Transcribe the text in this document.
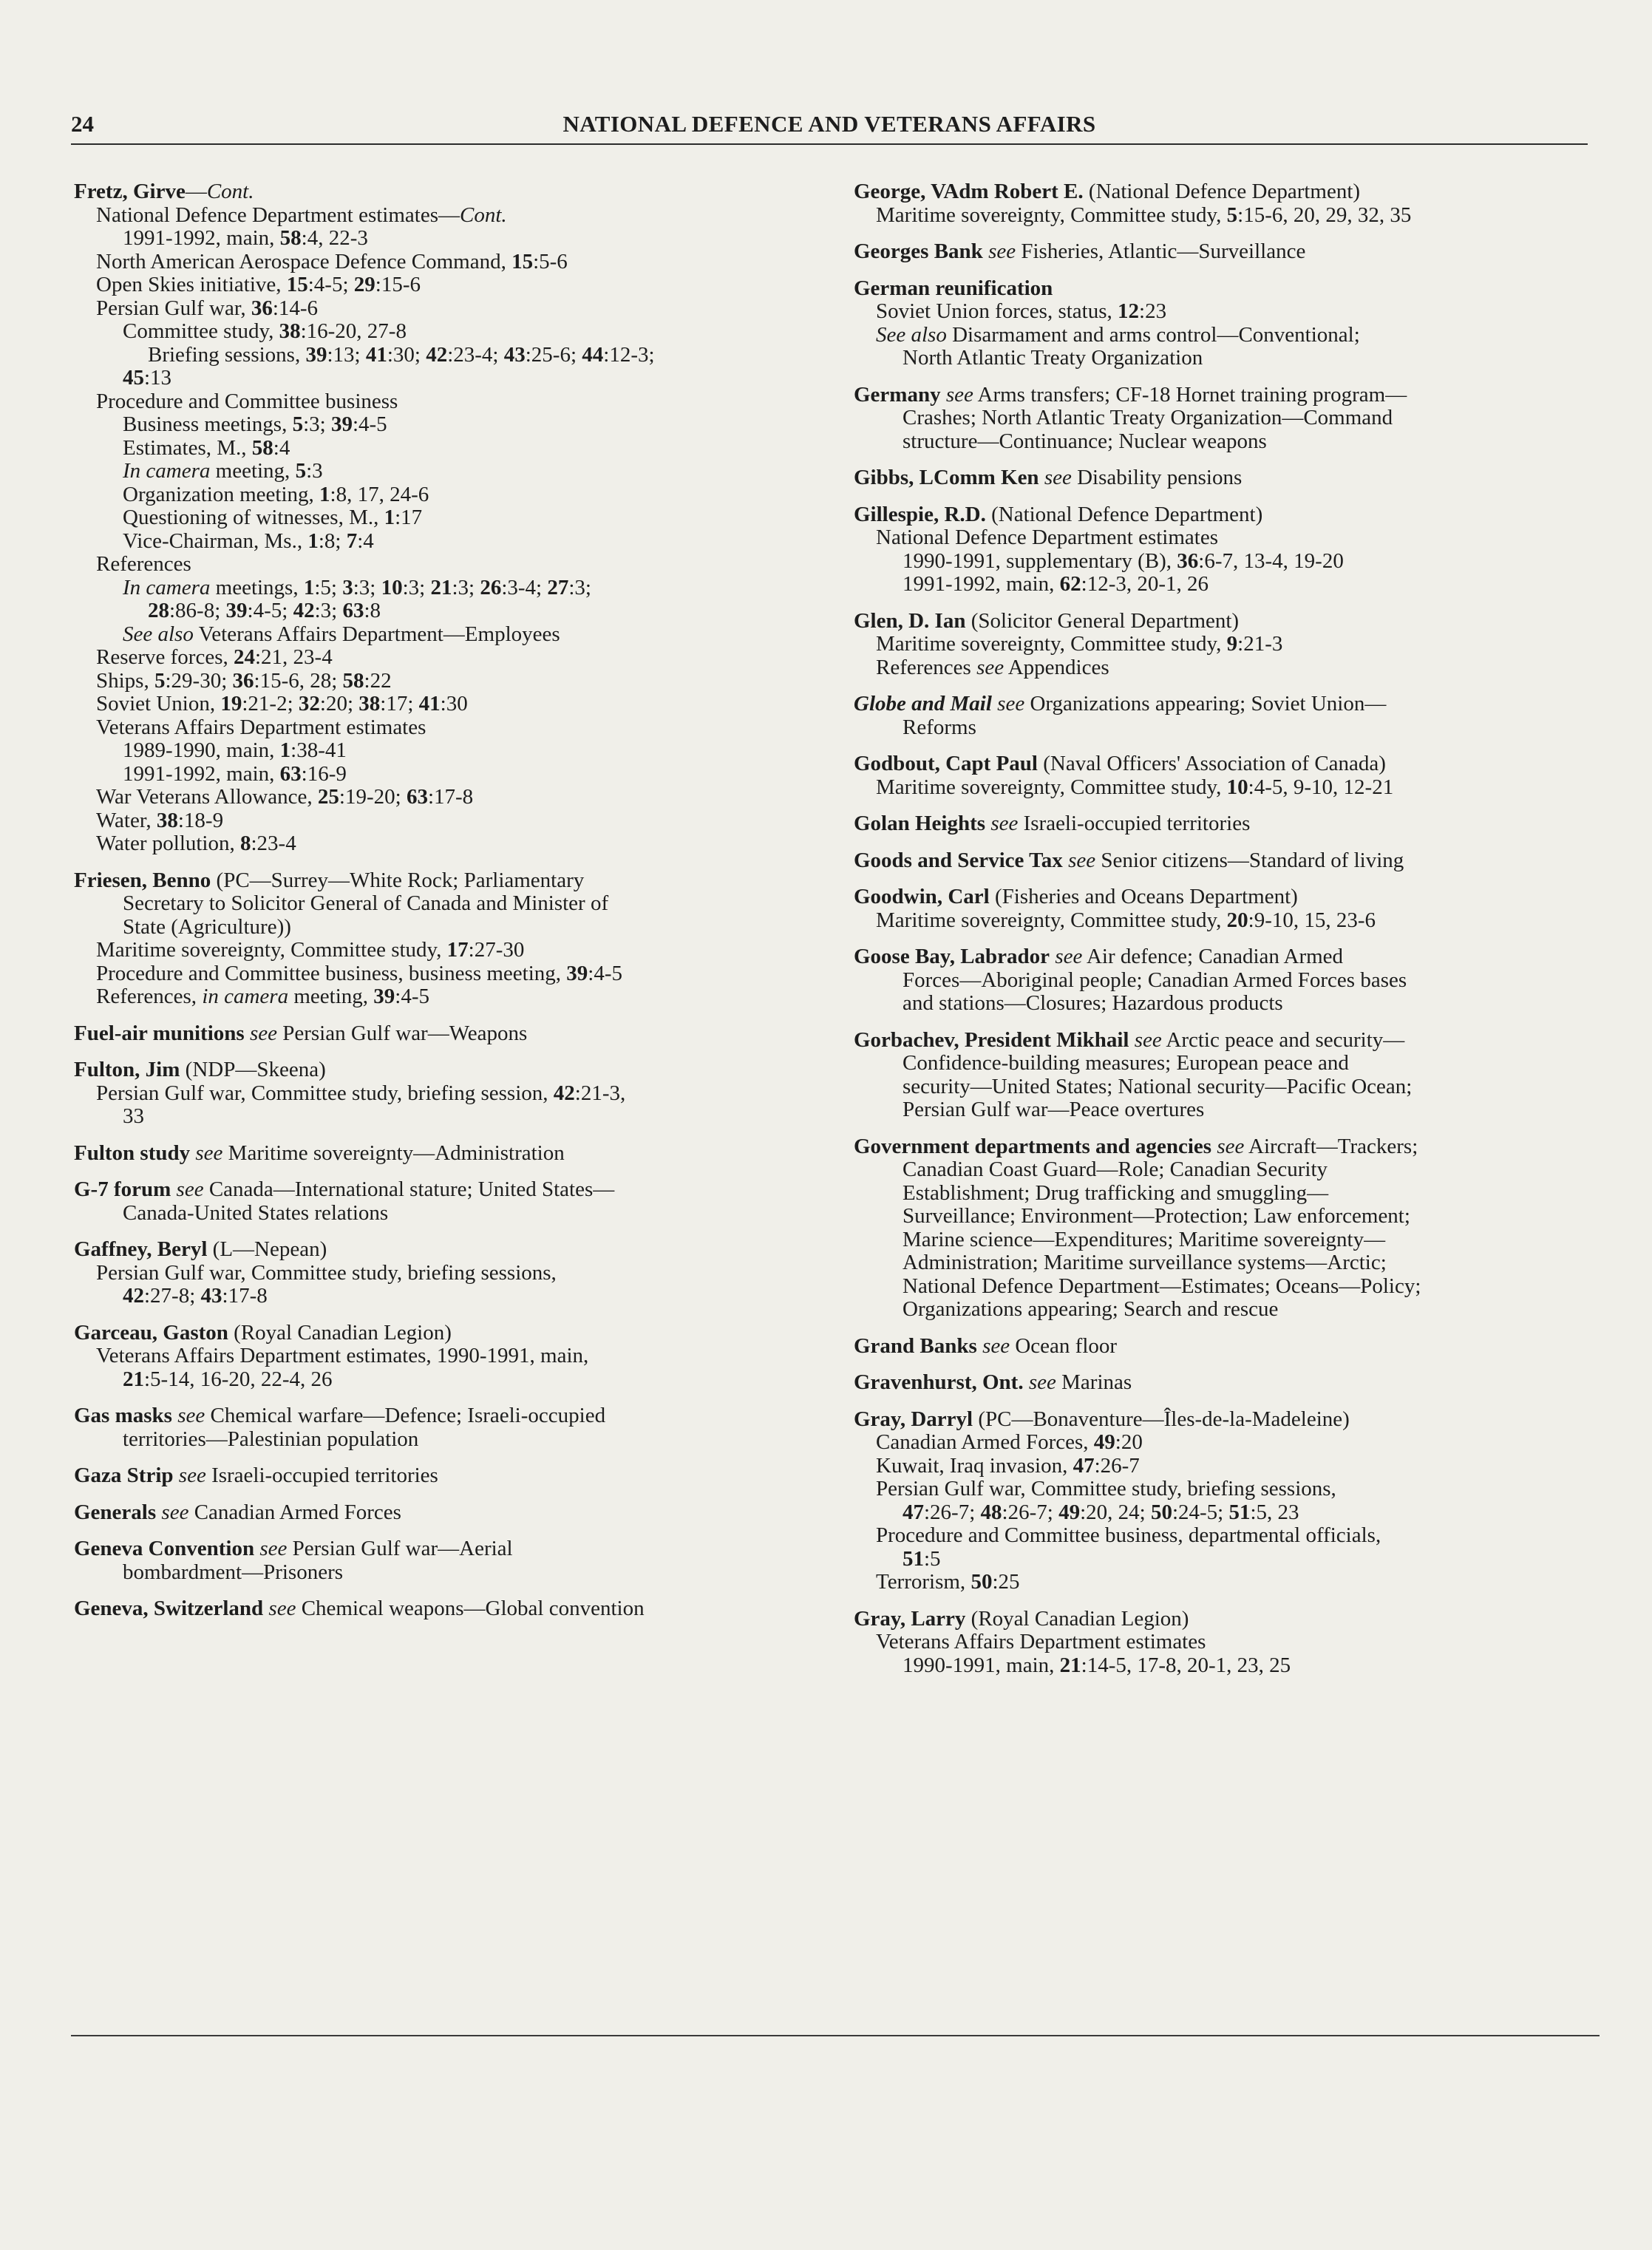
24	NATIONAL DEFENCE AND VETERANS AFFAIRS
Fretz, Girve—Cont.
National Defence Department estimates—Cont.
1991-1992, main, 58:4, 22-3
North American Aerospace Defence Command, 15:5-6
Open Skies initiative, 15:4-5; 29:15-6
Persian Gulf war, 36:14-6
Committee study, 38:16-20, 27-8
Briefing sessions, 39:13; 41:30; 42:23-4; 43:25-6; 44:12-3;
45:13
Procedure and Committee business
Business meetings, 5:3; 39:4-5
Estimates, M., 58:4
In camera meeting, 5:3
Organization meeting, 1:8, 17, 24-6
Questioning of witnesses, M., 1:17
Vice-Chairman, Ms., 1:8; 7:4
References
In camera meetings, 1:5; 3:3; 10:3; 21:3; 26:3-4; 27:3;
28:86-8; 39:4-5; 42:3; 63:8
See also Veterans Affairs Department—Employees
Reserve forces, 24:21, 23-4
Ships, 5:29-30; 36:15-6, 28; 58:22
Soviet Union, 19:21-2; 32:20; 38:17; 41:30
Veterans Affairs Department estimates
1989-1990, main, 1:38-41
1991-1992, main, 63:16-9
War Veterans Allowance, 25:19-20; 63:17-8
Water, 38:18-9
Water pollution, 8:23-4
Friesen, Benno (PC—Surrey—White Rock; Parliamentary
Secretary to Solicitor General of Canada and Minister of
State (Agriculture))
Maritime sovereignty, Committee study, 17:27-30
Procedure and Committee business, business meeting, 39:4-5
References, in camera meeting, 39:4-5
Fuel-air munitions see Persian Gulf war—Weapons
Fulton, Jim (NDP—Skeena)
Persian Gulf war, Committee study, briefing session, 42:21-3,
33
Fulton study see Maritime sovereignty—Administration
G-7 forum see Canada—International stature; United States—
Canada-United States relations
Gaffney, Beryl (L—Nepean)
Persian Gulf war, Committee study, briefing sessions,
42:27-8; 43:17-8
Garceau, Gaston (Royal Canadian Legion)
Veterans Affairs Department estimates, 1990-1991, main,
21:5-14, 16-20, 22-4, 26
Gas masks see Chemical warfare—Defence; Israeli-occupied
territories—Palestinian population
Gaza Strip see Israeli-occupied territories
Generals see Canadian Armed Forces
Geneva Convention see Persian Gulf war—Aerial
bombardment—Prisoners
Geneva, Switzerland see Chemical weapons—Global convention
George, VAdm Robert E. (National Defence Department)
Maritime sovereignty, Committee study, 5:15-6, 20, 29, 32, 35
Georges Bank see Fisheries, Atlantic—Surveillance
German reunification
Soviet Union forces, status, 12:23
See also Disarmament and arms control—Conventional;
North Atlantic Treaty Organization
Germany see Arms transfers; CF-18 Hornet training program—
Crashes; North Atlantic Treaty Organization—Command
structure—Continuance; Nuclear weapons
Gibbs, LComm Ken see Disability pensions
Gillespie, R.D. (National Defence Department)
National Defence Department estimates
1990-1991, supplementary (B), 36:6-7, 13-4, 19-20
1991-1992, main, 62:12-3, 20-1, 26
Glen, D. Ian (Solicitor General Department)
Maritime sovereignty, Committee study, 9:21-3
References see Appendices
Globe and Mail see Organizations appearing; Soviet Union—
Reforms
Godbout, Capt Paul (Naval Officers' Association of Canada)
Maritime sovereignty, Committee study, 10:4-5, 9-10, 12-21
Golan Heights see Israeli-occupied territories
Goods and Service Tax see Senior citizens—Standard of living
Goodwin, Carl (Fisheries and Oceans Department)
Maritime sovereignty, Committee study, 20:9-10, 15, 23-6
Goose Bay, Labrador see Air defence; Canadian Armed
Forces—Aboriginal people; Canadian Armed Forces bases
and stations—Closures; Hazardous products
Gorbachev, President Mikhail see Arctic peace and security—
Confidence-building measures; European peace and
security—United States; National security—Pacific Ocean;
Persian Gulf war—Peace overtures
Government departments and agencies see Aircraft—Trackers;
Canadian Coast Guard—Role; Canadian Security
Establishment; Drug trafficking and smuggling—
Surveillance; Environment—Protection; Law enforcement;
Marine science—Expenditures; Maritime sovereignty—
Administration; Maritime surveillance systems—Arctic;
National Defence Department—Estimates; Oceans—Policy;
Organizations appearing; Search and rescue
Grand Banks see Ocean floor
Gravenhurst, Ont. see Marinas
Gray, Darryl (PC—Bonaventure—Îles-de-la-Madeleine)
Canadian Armed Forces, 49:20
Kuwait, Iraq invasion, 47:26-7
Persian Gulf war, Committee study, briefing sessions,
47:26-7; 48:26-7; 49:20, 24; 50:24-5; 51:5, 23
Procedure and Committee business, departmental officials,
51:5
Terrorism, 50:25
Gray, Larry (Royal Canadian Legion)
Veterans Affairs Department estimates
1990-1991, main, 21:14-5, 17-8, 20-1, 23, 25
